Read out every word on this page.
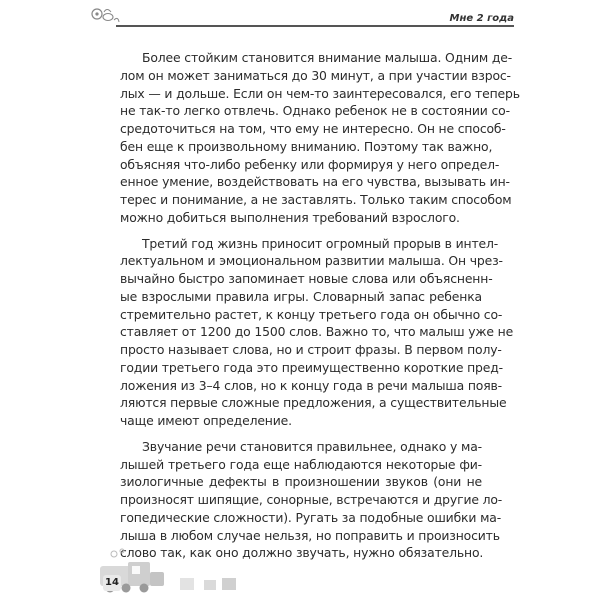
Мне 2 года

Более стойким становится внимание малыша. Одним де-
лом он может заниматься до 30 минут, а при участии взрос-
лых — и дольше. Если он чем-то заинтересовался, его теперь
не так-то легко отвлечь. Однако ребенок не в состоянии со-
средоточиться на том, что ему не интересно. Он не способ-
бен еще к произвольному вниманию. Поэтому так важно,
объясняя что-либо ребенку или формируя у него определ-
енное умение, воздействовать на его чувства, вызывать ин-
терес и понимание, а не заставлять. Только таким способом
можно добиться выполнения требований взрослого.

Третий год жизнь приносит огромный прорыв в интел-
лектуальном и эмоциональном развитии малыша. Он чрез-
вычайно быстро запоминает новые слова или объясненн-
ые взрослыми правила игры. Словарный запас ребенка
стремительно растет, к концу третьего года он обычно со-
ставляет от 1200 до 1500 слов. Важно то, что малыш уже не
просто называет слова, но и строит фразы. В первом полу-
годии третьего года это преимущественно короткие пред-
ложения из 3–4 слов, но к концу года в речи малыша появ-
ляются первые сложные предложения, а существительные
чаще имеют определение.

Звучание речи становится правильнее, однако у ма-
лышей третьего года еще наблюдаются некоторые фи-
зиологичные дефекты в произношении звуков (они не
произносят шипящие, сонорные, встречаются и другие ло-
гопедические сложности). Ругать за подобные ошибки ма-
лыша в любом случае нельзя, но поправить и произносить
слово так, как оно должно звучать, нужно обязательно.

14
